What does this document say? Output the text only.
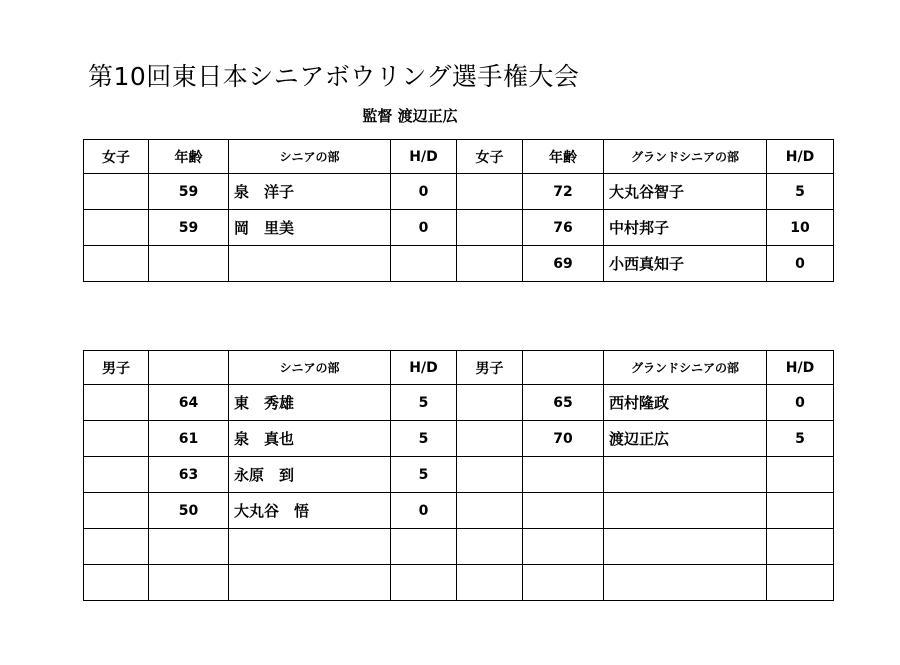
第10回東日本シニアボウリング選手権大会
監督 渡辺正広
女子	年齢	シニアの部	H/D	女子	年齢	グランドシニアの部	H/D
	59	泉　洋子	0		72	大丸谷智子	5
	59	岡　里美	0		76	中村邦子	10
					69	小西真知子	0
男子		シニアの部	H/D	男子		グランドシニアの部	H/D
	64	東　秀雄	5		65	西村隆政	0
	61	泉　真也	5		70	渡辺正広	5
	63	永原　到	5				
	50	大丸谷　悟	0				
